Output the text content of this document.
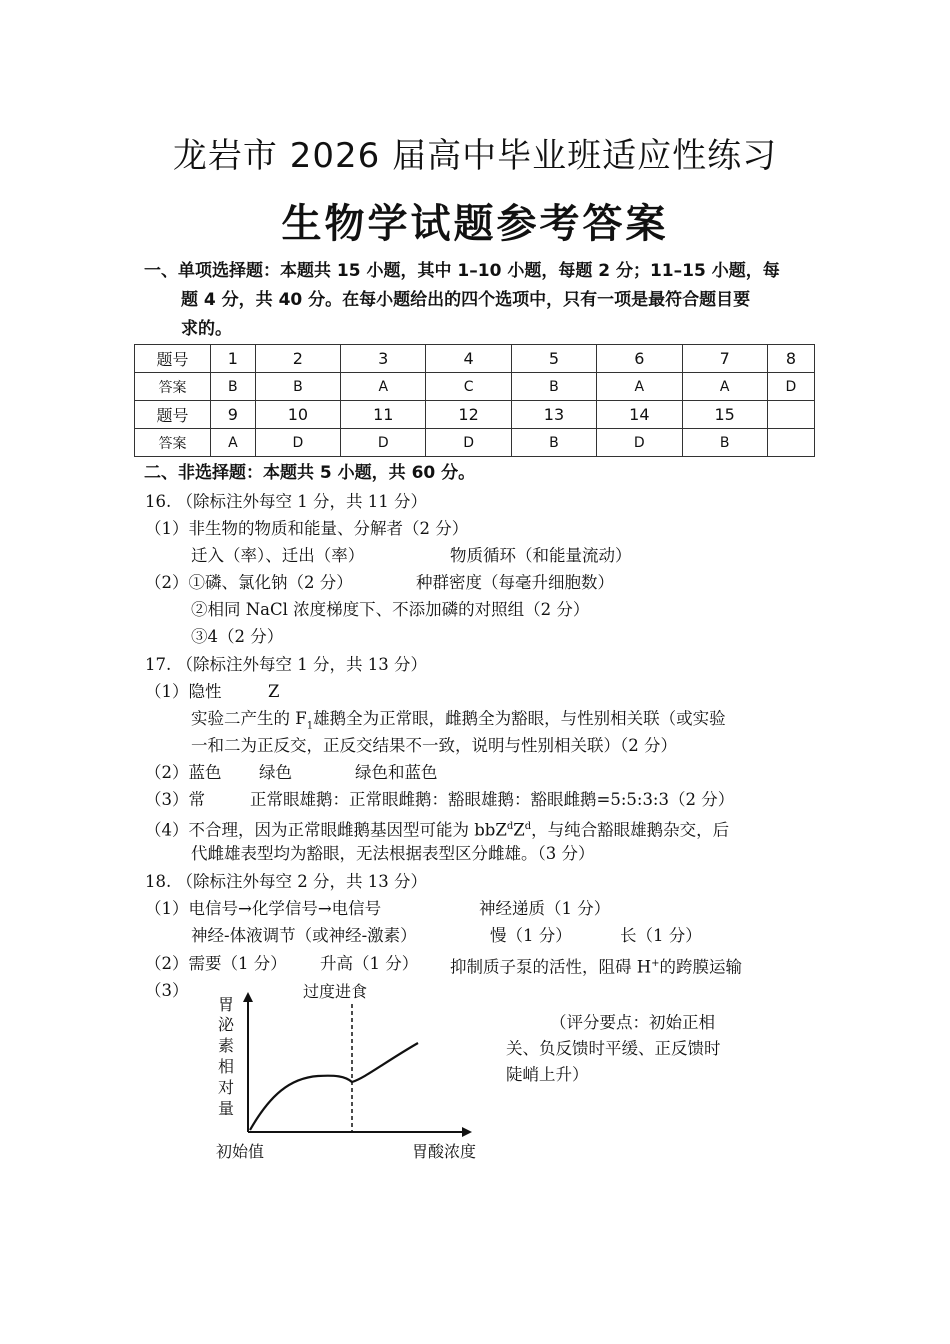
龙岩市 2026 届高中毕业班适应性练习
生物学试题参考答案
一、单项选择题：本题共 15 小题，其中 1–10 小题，每题 2 分；11–15 小题，每
题 4 分，共 40 分。在每小题给出的四个选项中，只有一项是最符合题目要
求的。
题号	1	2	3	4	5	6	7	8
答案	B	B	A	C	B	A	A	D
题号	9	10	11	12	13	14	15	
答案	A	D	D	D	B	D	B	
二、非选择题：本题共 5 小题，共 60 分。
16. （除标注外每空 1 分，共 11 分）
（1）非生物的物质和能量、分解者（2 分）
迁入（率）、迁出（率）	物质循环（和能量流动）
（2）①磷、氯化钠（2 分）	种群密度（每毫升细胞数）
②相同 NaCl 浓度梯度下、不添加磷的对照组（2 分）
③4（2 分）
17. （除标注外每空 1 分，共 13 分）
（1）隐性	Z
实验二产生的 $F_1$雄鹅全为正常眼，雌鹅全为豁眼，与性别相关联（或实验
一和二为正反交，正反交结果不一致，说明与性别相关联）（2 分）
（2）蓝色 绿色	绿色和蓝色
（3）常	正常眼雄鹅：正常眼雌鹅：豁眼雄鹅：豁眼雌鹅=5:5:3:3（2 分）
（4）不合理，因为正常眼雌鹅基因型可能为 $bbZ^dZ^d$，与纯合豁眼雄鹅杂交，后
代雌雄表型均为豁眼，无法根据表型区分雌雄。（3 分）
18. （除标注外每空 2 分，共 13 分）
（1）电信号→化学信号→电信号	神经递质（1 分）
神经-体液调节（或神经-激素）	慢（1 分）	长（1 分）
（2）需要（1 分） 升高（1 分） 抑制质子泵的活性，阻碍 H+的跨膜运输
（3）	过度进食
胃
泌
素
相
对
量
初始值	胃酸浓度
（评分要点：初始正相关、负反馈时平缓、正反馈时陡峭上升）
